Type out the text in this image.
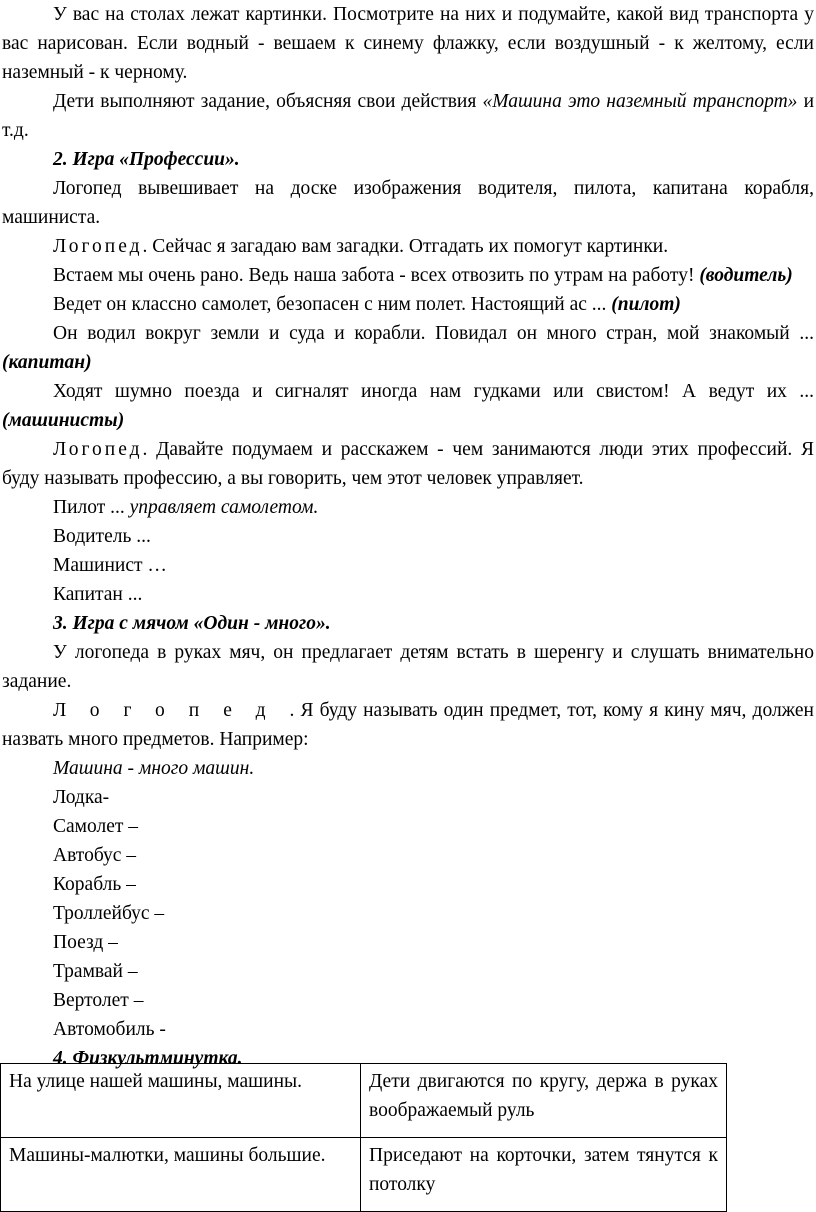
У вас на столах лежат картинки. Посмотрите на них и подумайте, какой вид транспорта у вас нарисован. Если водный - вешаем к синему флажку, если воздушный - к желтому, если наземный - к черному.

Дети выполняют задание, объясняя свои действия «Машина это наземный транспорт» и т.д.

2. Игра «Профессии».

Логопед вывешивает на доске изображения водителя, пилота, капитана корабля, машиниста.

Логопед. Сейчас я загадаю вам загадки. Отгадать их помогут картинки.

Встаем мы очень рано. Ведь наша забота - всех отвозить по утрам на работу! (водитель)

Ведет он классно самолет, безопасен с ним полет. Настоящий ас ... (пилот)

Он водил вокруг земли и суда и корабли. Повидал он много стран, мой знакомый ... (капитан)

Ходят шумно поезда и сигналят иногда нам гудками или свистом! А ведут их ... (машинисты)

Логопед. Давайте подумаем и расскажем - чем занимаются люди этих профессий. Я буду называть профессию, а вы говорить, чем этот человек управляет.

Пилот ... управляет самолетом.

Водитель ...

Машинист …

Капитан ...

3. Игра с мячом «Один - много».

У логопеда в руках мяч, он предлагает детям встать в шеренгу и слушать внимательно задание.

Логопед. Я буду называть один предмет, тот, кому я кину мяч, должен назвать много предметов. Например:

Машина - много машин.

Лодка-

Самолет –

Автобус –

Корабль –

Троллейбус –

Поезд –

Трамвай –

Вертолет –

Автомобиль -

4. Физкультминутка.

На улице нашей машины, машины.	Дети двигаются по кругу, держа в руках воображаемый руль
Машины-малютки, машины большие.	Приседают на корточки, затем тянутся к потолку
